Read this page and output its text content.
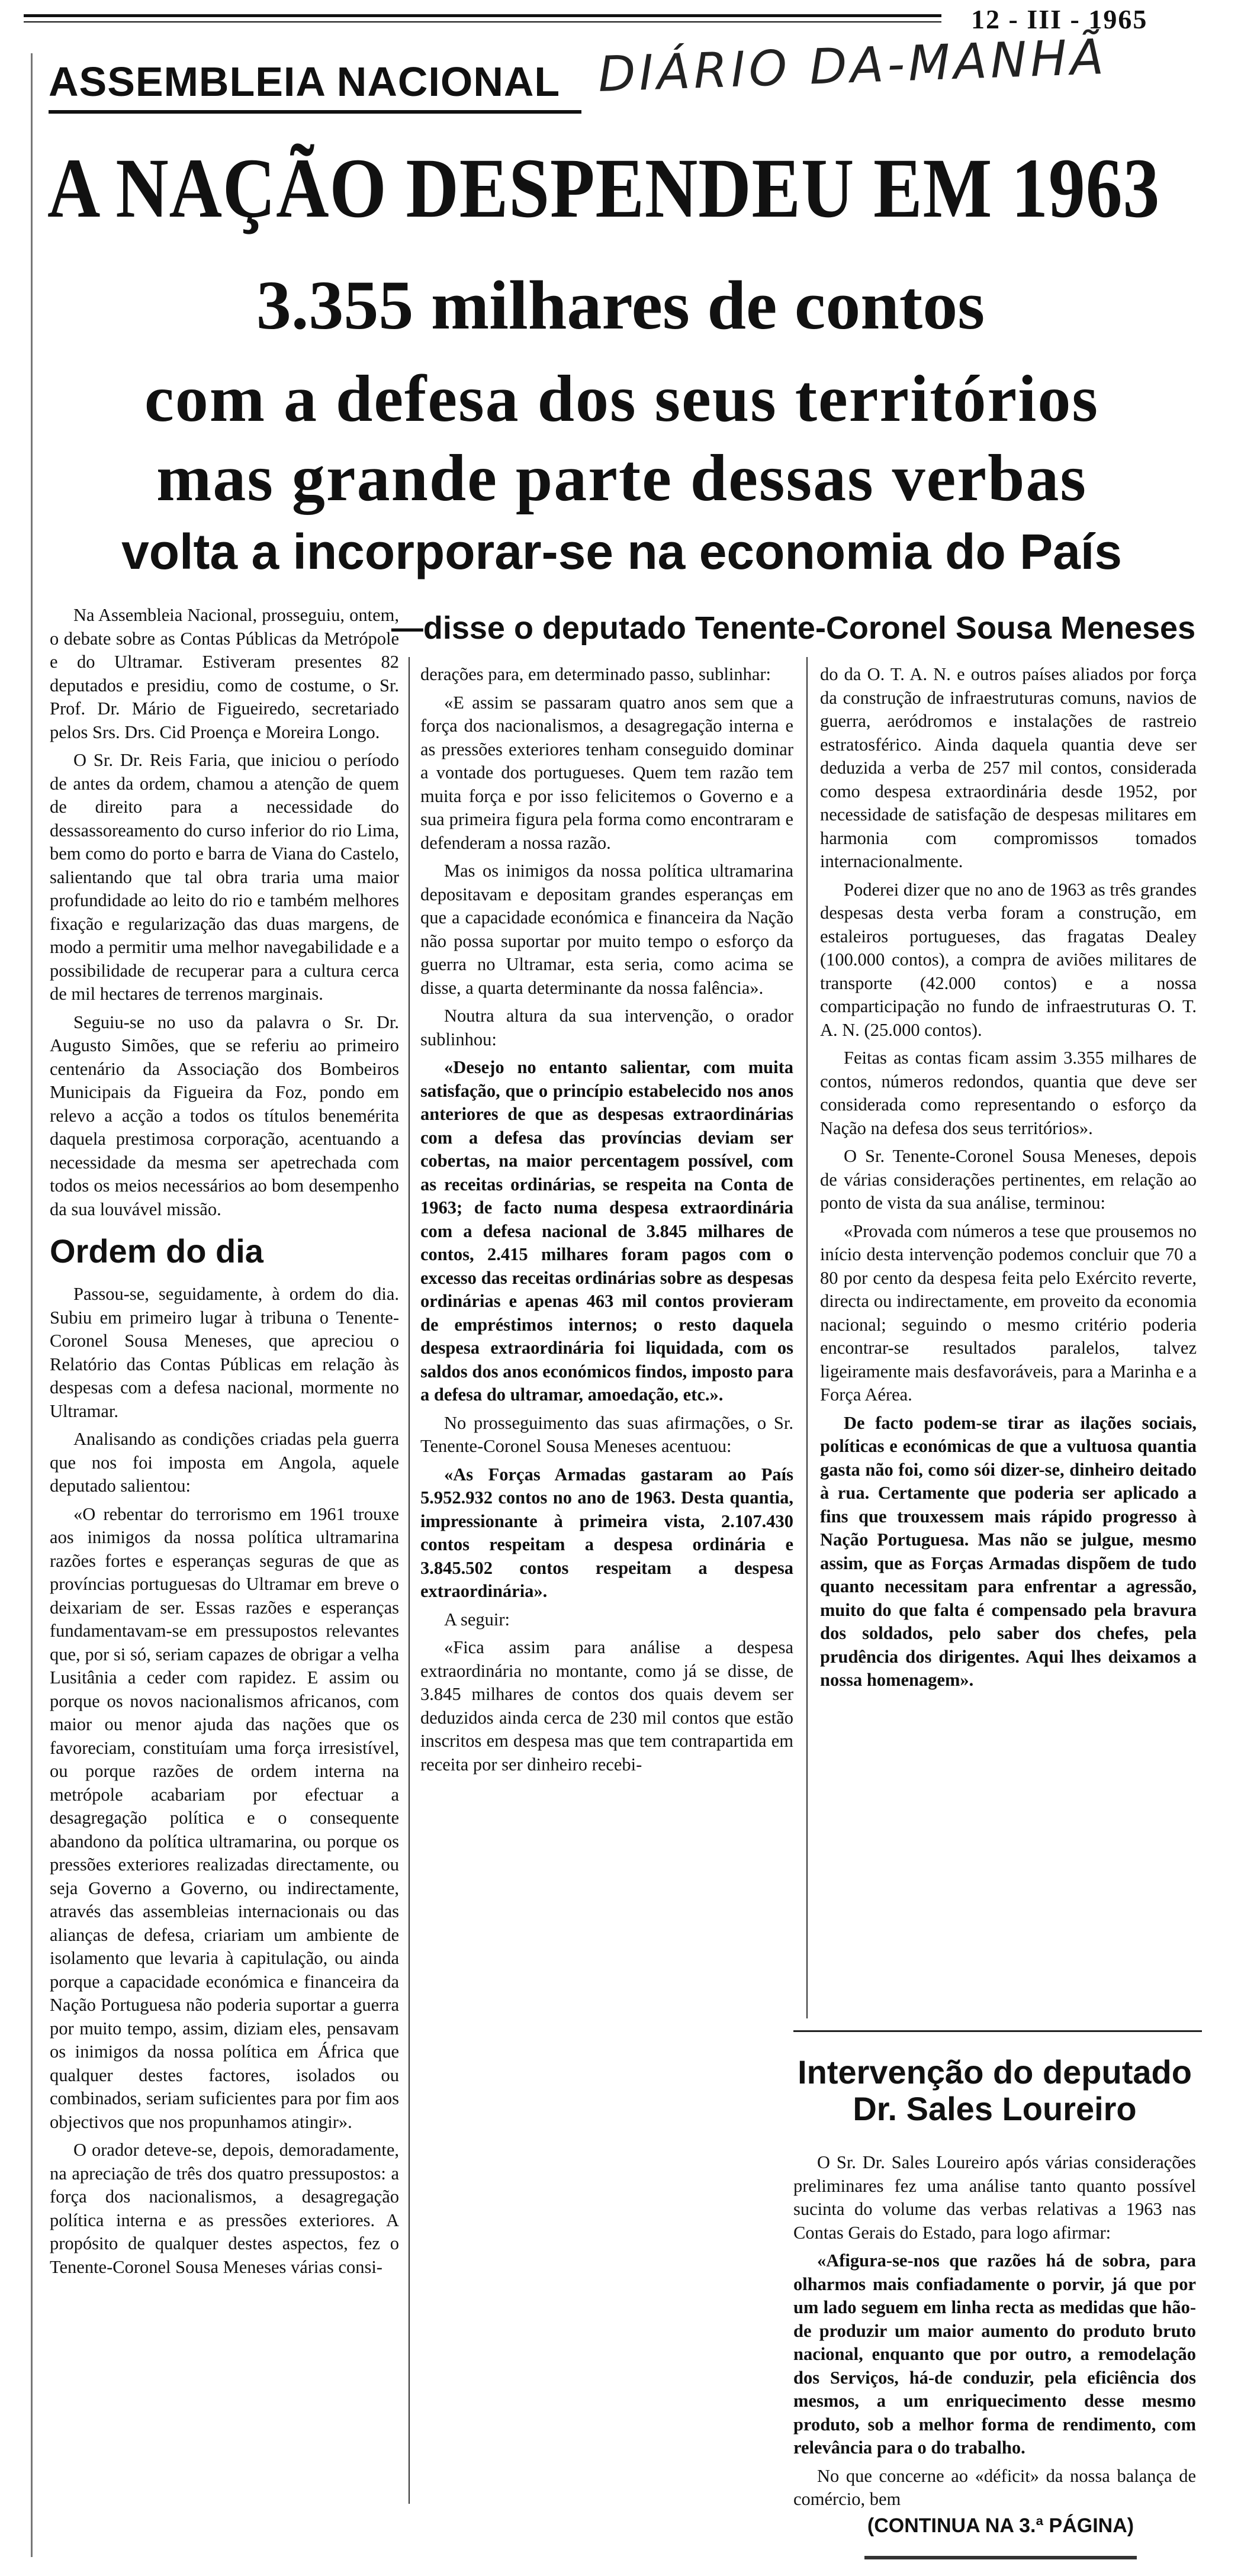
12 - III - 1965
ASSEMBLEIA NACIONAL DIÁRIO DA-MANHÃ
A NAÇÃO DESPENDEU EM 1963
3.355 milhares de contos
com a defesa dos seus territórios
mas grande parte dessas verbas
volta a incorporar-se na economia do País
—disse o deputado Tenente-Coronel Sousa Meneses

Na Assembleia Nacional, prosseguiu, ontem, o debate sobre as Contas Públicas da Metrópole e do Ultramar. Estiveram presentes 82 deputados e presidiu, como de costume, o Sr. Prof. Dr. Mário de Figueiredo, secretariado pelos Srs. Drs. Cid Proença e Moreira Longo.

O Sr. Dr. Reis Faria, que iniciou o período de antes da ordem, chamou a atenção de quem de direito para a necessidade do dessassoreamento do curso inferior do rio Lima, bem como do porto e barra de Viana do Castelo, salientando que tal obra traria uma maior profundidade ao leito do rio e também melhores fixação e regularização das duas margens, de modo a permitir uma melhor navegabilidade e a possibilidade de recuperar para a cultura cerca de mil hectares de terrenos marginais.

Seguiu-se no uso da palavra o Sr. Dr. Augusto Simões, que se referiu ao primeiro centenário da Associação dos Bombeiros Municipais da Figueira da Foz, pondo em relevo a acção a todos os títulos benemérita daquela prestimosa corporação, acentuando a necessidade da mesma ser apetrechada com todos os meios necessários ao bom desempenho da sua louvável missão.

Ordem do dia

Passou-se, seguidamente, à ordem do dia. Subiu em primeiro lugar à tribuna o Tenente-Coronel Sousa Meneses, que apreciou o Relatório das Contas Públicas em relação às despesas com a defesa nacional, mormente no Ultramar.

Analisando as condições criadas pela guerra que nos foi imposta em Angola, aquele deputado salientou:

«O rebentar do terrorismo em 1961 trouxe aos inimigos da nossa política ultramarina razões fortes e esperanças seguras de que as províncias portuguesas do Ultramar em breve o deixariam de ser. Essas razões e esperanças fundamentavam-se em pressupostos relevantes que, por si só, seriam capazes de obrigar a velha Lusitânia a ceder com rapidez. E assim ou porque os novos nacionalismos africanos, com maior ou menor ajuda das nações que os favoreciam, constituíam uma força irresistível, ou porque razões de ordem interna na metrópole acabariam por efectuar a desagregação política e o consequente abandono da política ultramarina, ou porque os pressões exteriores realizadas directamente, ou seja Governo a Governo, ou indirectamente, através das assembleias internacionais ou das alianças de defesa, criariam um ambiente de isolamento que levaria à capitulação, ou ainda porque a capacidade económica e financeira da Nação Portuguesa não poderia suportar a guerra por muito tempo, assim, diziam eles, pensavam os inimigos da nossa política em África que qualquer destes factores, isolados ou combinados, seriam suficientes para por fim aos objectivos que nos propunhamos atingir».

O orador deteve-se, depois, demoradamente, na apreciação de três dos quatro pressupostos: a força dos nacionalismos, a desagregação política interna e as pressões exteriores. A propósito de qualquer destes aspectos, fez o Tenente-Coronel Sousa Meneses várias consi-

derações para, em determinado passo, sublinhar:

«E assim se passaram quatro anos sem que a força dos nacionalismos, a desagregação interna e as pressões exteriores tenham conseguido dominar a vontade dos portugueses. Quem tem razão tem muita força e por isso felicitemos o Governo e a sua primeira figura pela forma como encontraram e defenderam a nossa razão.

Mas os inimigos da nossa política ultramarina depositavam e depositam grandes esperanças em que a capacidade económica e financeira da Nação não possa suportar por muito tempo o esforço da guerra no Ultramar, esta seria, como acima se disse, a quarta determinante da nossa falência».

Noutra altura da sua intervenção, o orador sublinhou:

«Desejo no entanto salientar, com muita satisfação, que o princípio estabelecido nos anos anteriores de que as despesas extraordinárias com a defesa das províncias deviam ser cobertas, na maior percentagem possível, com as receitas ordinárias, se respeita na Conta de 1963; de facto numa despesa extraordinária com a defesa nacional de 3.845 milhares de contos, 2.415 milhares foram pagos com o excesso das receitas ordinárias sobre as despesas ordinárias e apenas 463 mil contos provieram de empréstimos internos; o resto daquela despesa extraordinária foi liquidada, com os saldos dos anos económicos findos, imposto para a defesa do ultramar, amoedação, etc.».

No prosseguimento das suas afirmações, o Sr. Tenente-Coronel Sousa Meneses acentuou:

«As Forças Armadas gastaram ao País 5.952.932 contos no ano de 1963. Desta quantia, impressionante à primeira vista, 2.107.430 contos respeitam a despesa ordinária e 3.845.502 contos respeitam a despesa extraordinária».

A seguir:

«Fica assim para análise a despesa extraordinária no montante, como já se disse, de 3.845 milhares de contos dos quais devem ser deduzidos ainda cerca de 230 mil contos que estão inscritos em despesa mas que tem contrapartida em receita por ser dinheiro recebi-

do da O. T. A. N. e outros países aliados por força da construção de infraestruturas comuns, navios de guerra, aeródromos e instalações de rastreio estratosférico. Ainda daquela quantia deve ser deduzida a verba de 257 mil contos, considerada como despesa extraordinária desde 1952, por necessidade de satisfação de despesas militares em harmonia com compromissos tomados internacionalmente.

Poderei dizer que no ano de 1963 as três grandes despesas desta verba foram a construção, em estaleiros portugueses, das fragatas Dealey (100.000 contos), a compra de aviões militares de transporte (42.000 contos) e a nossa comparticipação no fundo de infraestruturas O. T. A. N. (25.000 contos).

Feitas as contas ficam assim 3.355 milhares de contos, números redondos, quantia que deve ser considerada como representando o esforço da Nação na defesa dos seus territórios».

O Sr. Tenente-Coronel Sousa Meneses, depois de várias considerações pertinentes, em relação ao ponto de vista da sua análise, terminou:

«Provada com números a tese que prousemos no início desta intervenção podemos concluir que 70 a 80 por cento da despesa feita pelo Exército reverte, directa ou indirectamente, em proveito da economia nacional; seguindo o mesmo critério poderia encontrar-se resultados paralelos, talvez ligeiramente mais desfavoráveis, para a Marinha e a Força Aérea.

De facto podem-se tirar as ilações sociais, políticas e económicas de que a vultuosa quantia gasta não foi, como sói dizer-se, dinheiro deitado à rua. Certamente que poderia ser aplicado a fins que trouxessem mais rápido progresso à Nação Portuguesa. Mas não se julgue, mesmo assim, que as Forças Armadas dispõem de tudo quanto necessitam para enfrentar a agressão, muito do que falta é compensado pela bravura dos soldados, pelo saber dos chefes, pela prudência dos dirigentes. Aqui lhes deixamos a nossa homenagem».

Intervenção do deputado
Dr. Sales Loureiro

O Sr. Dr. Sales Loureiro após várias considerações preliminares fez uma análise tanto quanto possível sucinta do volume das verbas relativas a 1963 nas Contas Gerais do Estado, para logo afirmar:

«Afigura-se-nos que razões há de sobra, para olharmos mais confiadamente o porvir, já que por um lado seguem em linha recta as medidas que hão-de produzir um maior aumento do produto bruto nacional, enquanto que por outro, a remodelação dos Serviços, há-de conduzir, pela eficiência dos mesmos, a um enriquecimento desse mesmo produto, sob a melhor forma de rendimento, com relevância para o do trabalho.

No que concerne ao «déficit» da nossa balança de comércio, bem

(CONTINUA NA 3.ª PÁGINA)
